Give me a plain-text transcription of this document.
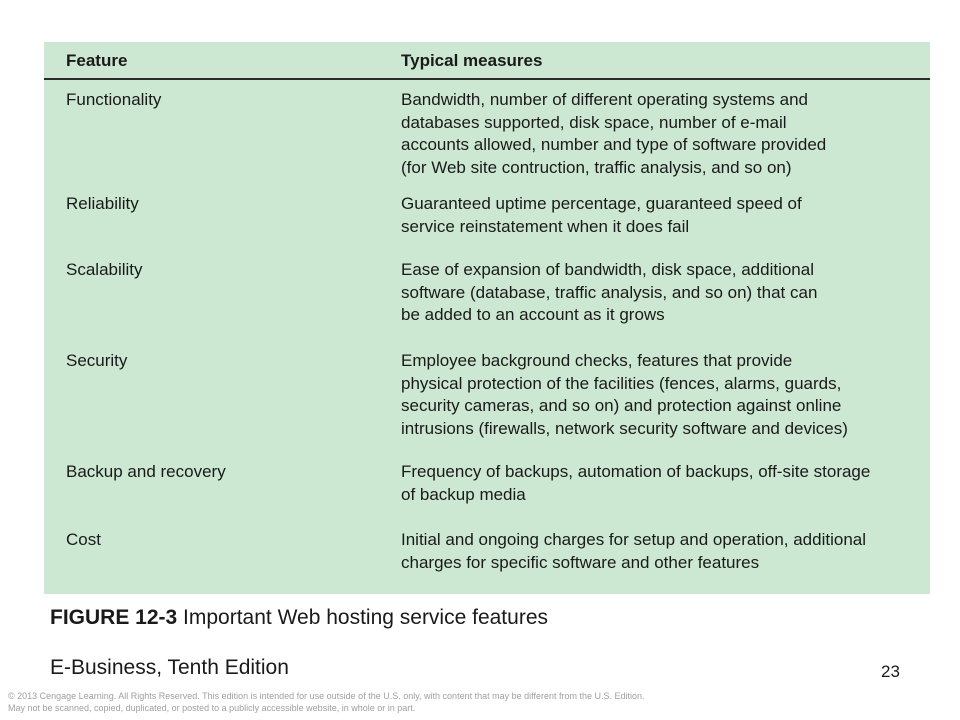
Feature	Typical measures
Functionality	Bandwidth, number of different operating systems and
databases supported, disk space, number of e-mail
accounts allowed, number and type of software provided
(for Web site contruction, traffic analysis, and so on)
Reliability	Guaranteed uptime percentage, guaranteed speed of
service reinstatement when it does fail
Scalability	Ease of expansion of bandwidth, disk space, additional
software (database, traffic analysis, and so on) that can
be added to an account as it grows
Security	Employee background checks, features that provide
physical protection of the facilities (fences, alarms, guards,
security cameras, and so on) and protection against online
intrusions (firewalls, network security software and devices)
Backup and recovery	Frequency of backups, automation of backups, off-site storage
of backup media
Cost	Initial and ongoing charges for setup and operation, additional
charges for specific software and other features
FIGURE 12-3 Important Web hosting service features
E-Business, Tenth Edition	23
© 2013 Cengage Learning. All Rights Reserved. This edition is intended for use outside of the U.S. only, with content that may be different from the U.S. Edition.
May not be scanned, copied, duplicated, or posted to a publicly accessible website, in whole or in part.
